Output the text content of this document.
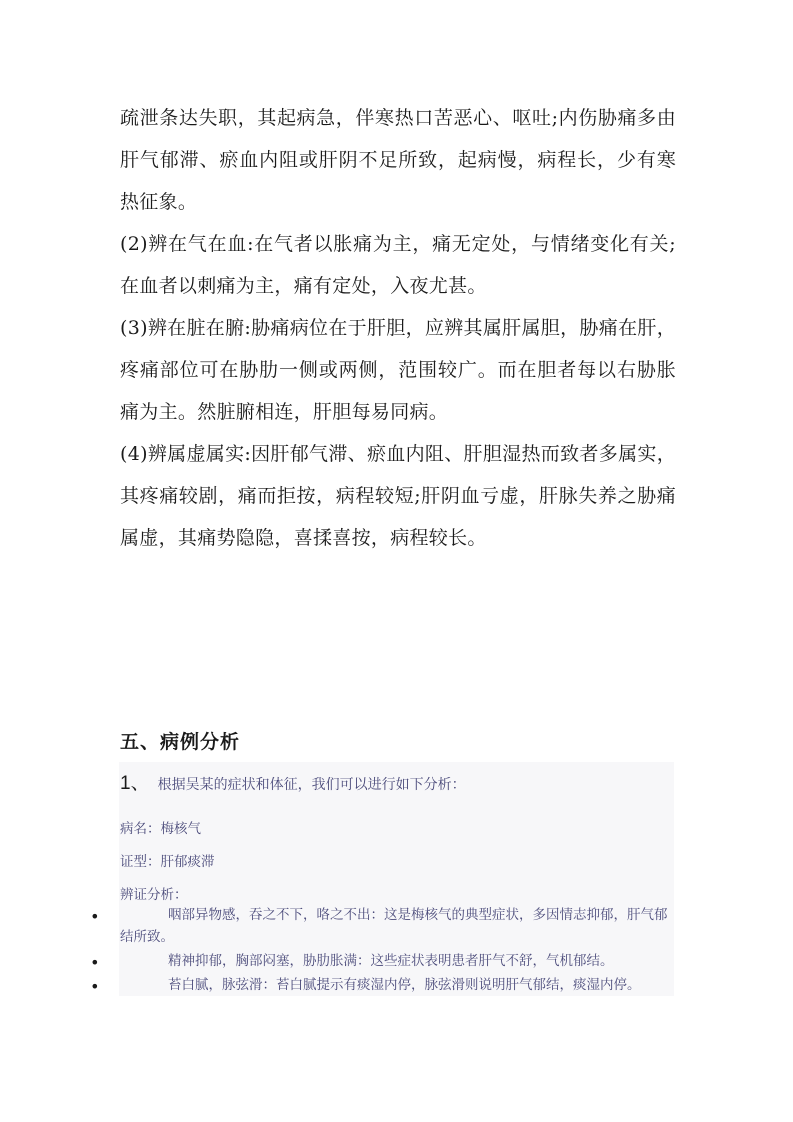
疏泄条达失职，其起病急，伴寒热口苦恶心、呕吐;内伤胁痛多由肝气郁滞、瘀血内阻或肝阴不足所致，起病慢，病程长，少有寒热征象。

(2)辨在气在血:在气者以胀痛为主，痛无定处，与情绪变化有关;在血者以刺痛为主，痛有定处，入夜尤甚。

(3)辨在脏在腑:胁痛病位在于肝胆，应辨其属肝属胆，胁痛在肝，疼痛部位可在胁肋一侧或两侧，范围较广。而在胆者每以右胁胀痛为主。然脏腑相连，肝胆每易同病。

(4)辨属虚属实:因肝郁气滞、瘀血内阻、肝胆湿热而致者多属实，其疼痛较剧，痛而拒按，病程较短;肝阴血亏虚，肝脉失养之胁痛属虚，其痛势隐隐，喜揉喜按，病程较长。

五、病例分析
1、 根据吴某的症状和体征，我们可以进行如下分析：

病名：梅核气

证型：肝郁痰滞

辨证分析：

•	咽部异物感，吞之不下，咯之不出：这是梅核气的典型症状，多因情志抑郁，肝气郁结所致。
•	精神抑郁，胸部闷塞，胁肋胀满：这些症状表明患者肝气不舒，气机郁结。
•	苔白腻，脉弦滑：苔白腻提示有痰湿内停，脉弦滑则说明肝气郁结，痰湿内停。
